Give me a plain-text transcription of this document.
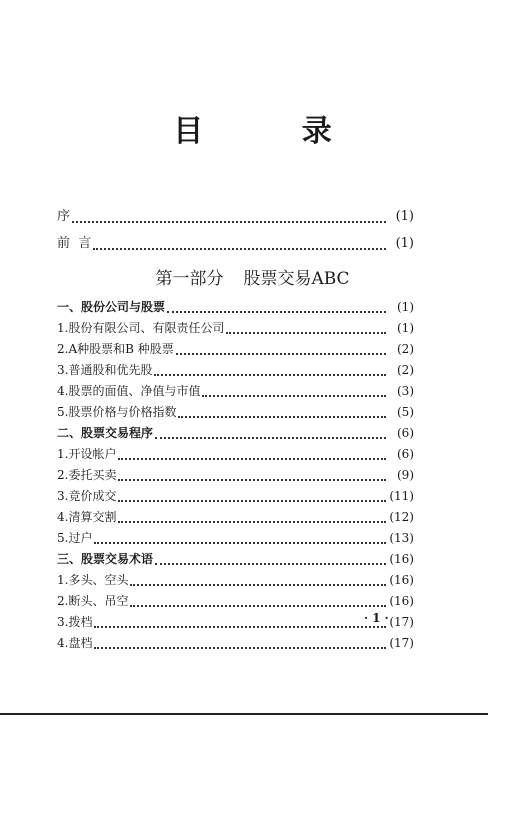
目 录
序	(1)
前  言	(1)
第一部分 股票交易ABC
一、股份公司与股票	(1)
1.股份有限公司、有限责任公司	(1)
2.A种股票和B 种股票	(2)
3.普通股和优先股	(2)
4.股票的面值、净值与市值	(3)
5.股票价格与价格指数	(5)
二、股票交易程序	(6)
1.开设帐户	(6)
2.委托买卖	(9)
3.竞价成交	(11)
4.清算交割	(12)
5.过户	(13)
三、股票交易术语	(16)
1.多头、空头	(16)
2.断头、吊空	(16)
3.拨档	(17)
4.盘档	(17)
·1·
